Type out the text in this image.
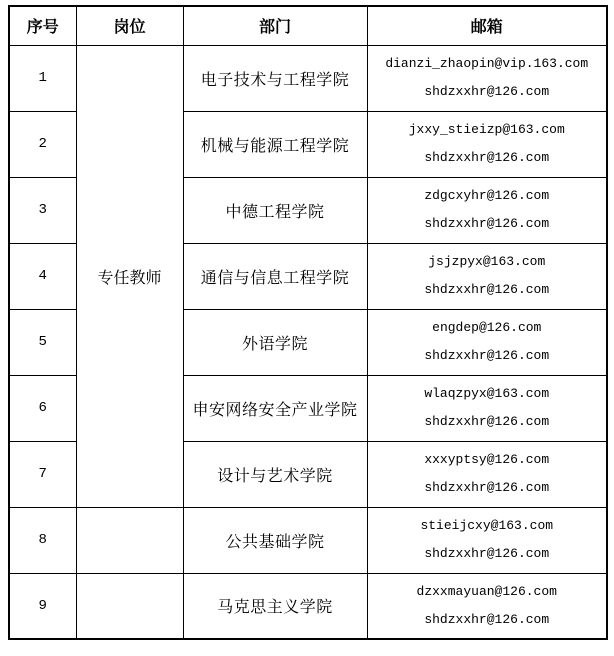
序号	岗位	部门	邮箱
1	专任教师	电子技术与工程学院	dianzi_zhaopin@vip.163.com
shdzxxhr@126.com

2		机械与能源工程学院	jxxy_stieizp@163.com
shdzxxhr@126.com

3		中德工程学院	zdgcxyhr@126.com
shdzxxhr@126.com

4		通信与信息工程学院	jsjzpyx@163.com
shdzxxhr@126.com

5		外语学院	engdep@126.com
shdzxxhr@126.com

6		申安网络安全产业学院	wlaqzpyx@163.com
shdzxxhr@126.com

7		设计与艺术学院	xxxyptsy@126.com
shdzxxhr@126.com

8		公共基础学院	stieijcxy@163.com
shdzxxhr@126.com

9		马克思主义学院	dzxxmayuan@126.com
shdzxxhr@126.com
